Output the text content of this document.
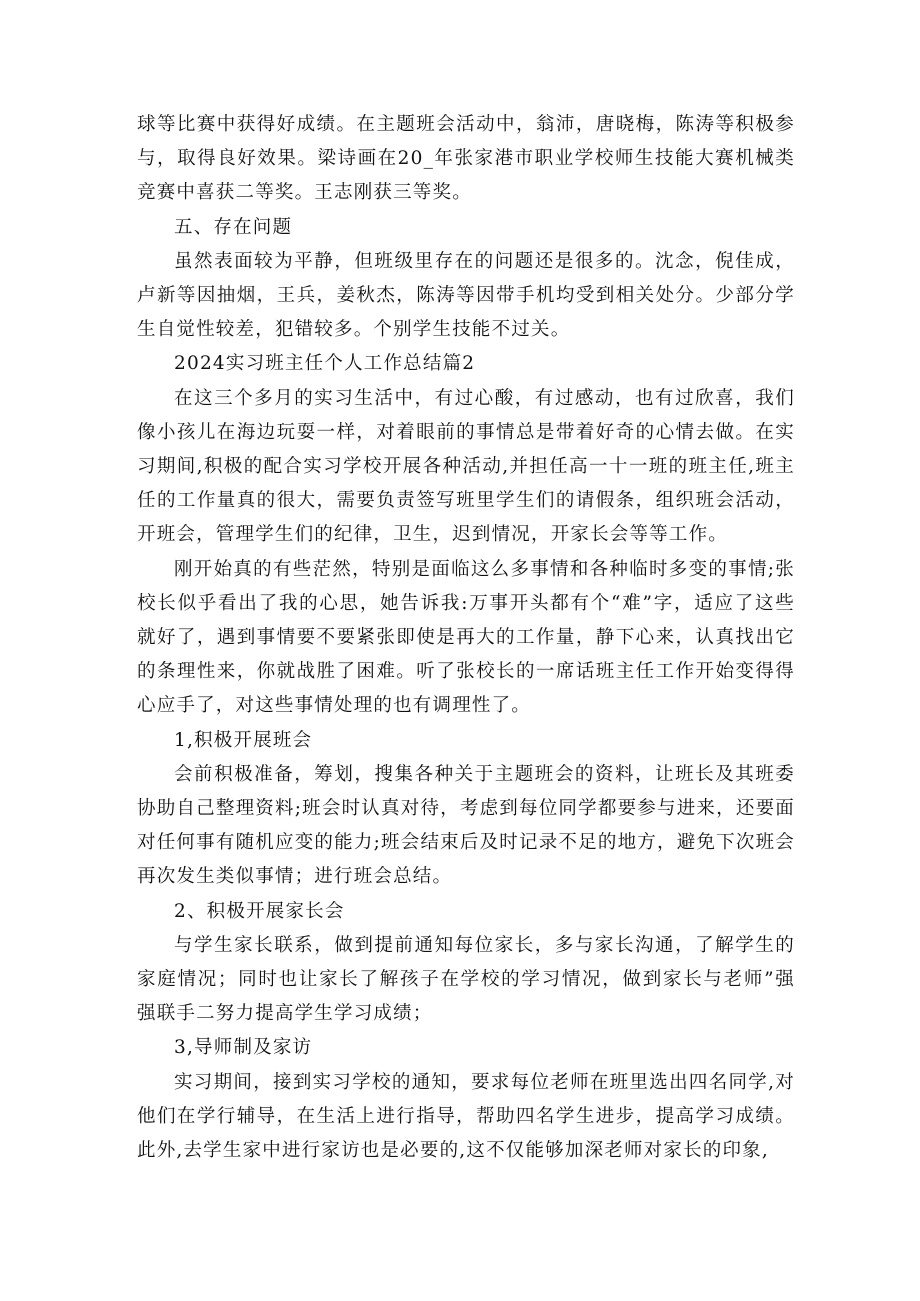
球等比赛中获得好成绩。在主题班会活动中，翁沛，唐晓梅，陈涛等积极参与，取得良好效果。梁诗画在20_年张家港市职业学校师生技能大赛机械类竞赛中喜获二等奖。王志刚获三等奖。

五、存在问题

虽然表面较为平静，但班级里存在的问题还是很多的。沈念，倪佳成，卢新等因抽烟，王兵，姜秋杰，陈涛等因带手机均受到相关处分。少部分学生自觉性较差，犯错较多。个别学生技能不过关。

2024实习班主任个人工作总结篇2

在这三个多月的实习生活中，有过心酸，有过感动，也有过欣喜，我们像小孩儿在海边玩耍一样，对着眼前的事情总是带着好奇的心情去做。在实习期间,积极的配合实习学校开展各种活动,并担任高一十一班的班主任,班主任的工作量真的很大，需要负责签写班里学生们的请假条，组织班会活动，开班会，管理学生们的纪律，卫生，迟到情况，开家长会等等工作。

刚开始真的有些茫然，特别是面临这么多事情和各种临时多变的事情;张校长似乎看出了我的心思，她告诉我:万事开头都有个“难”字，适应了这些就好了，遇到事情要不要紧张即使是再大的工作量，静下心来，认真找出它的条理性来，你就战胜了困难。听了张校长的一席话班主任工作开始变得得心应手了，对这些事情处理的也有调理性了。

1,积极开展班会

会前积极准备，筹划，搜集各种关于主题班会的资料，让班长及其班委协助自己整理资料;班会时认真对待，考虑到每位同学都要参与进来，还要面对任何事有随机应变的能力;班会结束后及时记录不足的地方，避免下次班会再次发生类似事情；进行班会总结。

2、积极开展家长会

与学生家长联系，做到提前通知每位家长，多与家长沟通，了解学生的家庭情况；同时也让家长了解孩子在学校的学习情况，做到家长与老师”强强联手二努力提高学生学习成绩；

3,导师制及家访

实习期间，接到实习学校的通知，要求每位老师在班里选出四名同学,对他们在学行辅导，在生活上进行指导，帮助四名学生进步，提高学习成绩。此外,去学生家中进行家访也是必要的,这不仅能够加深老师对家长的印象,
